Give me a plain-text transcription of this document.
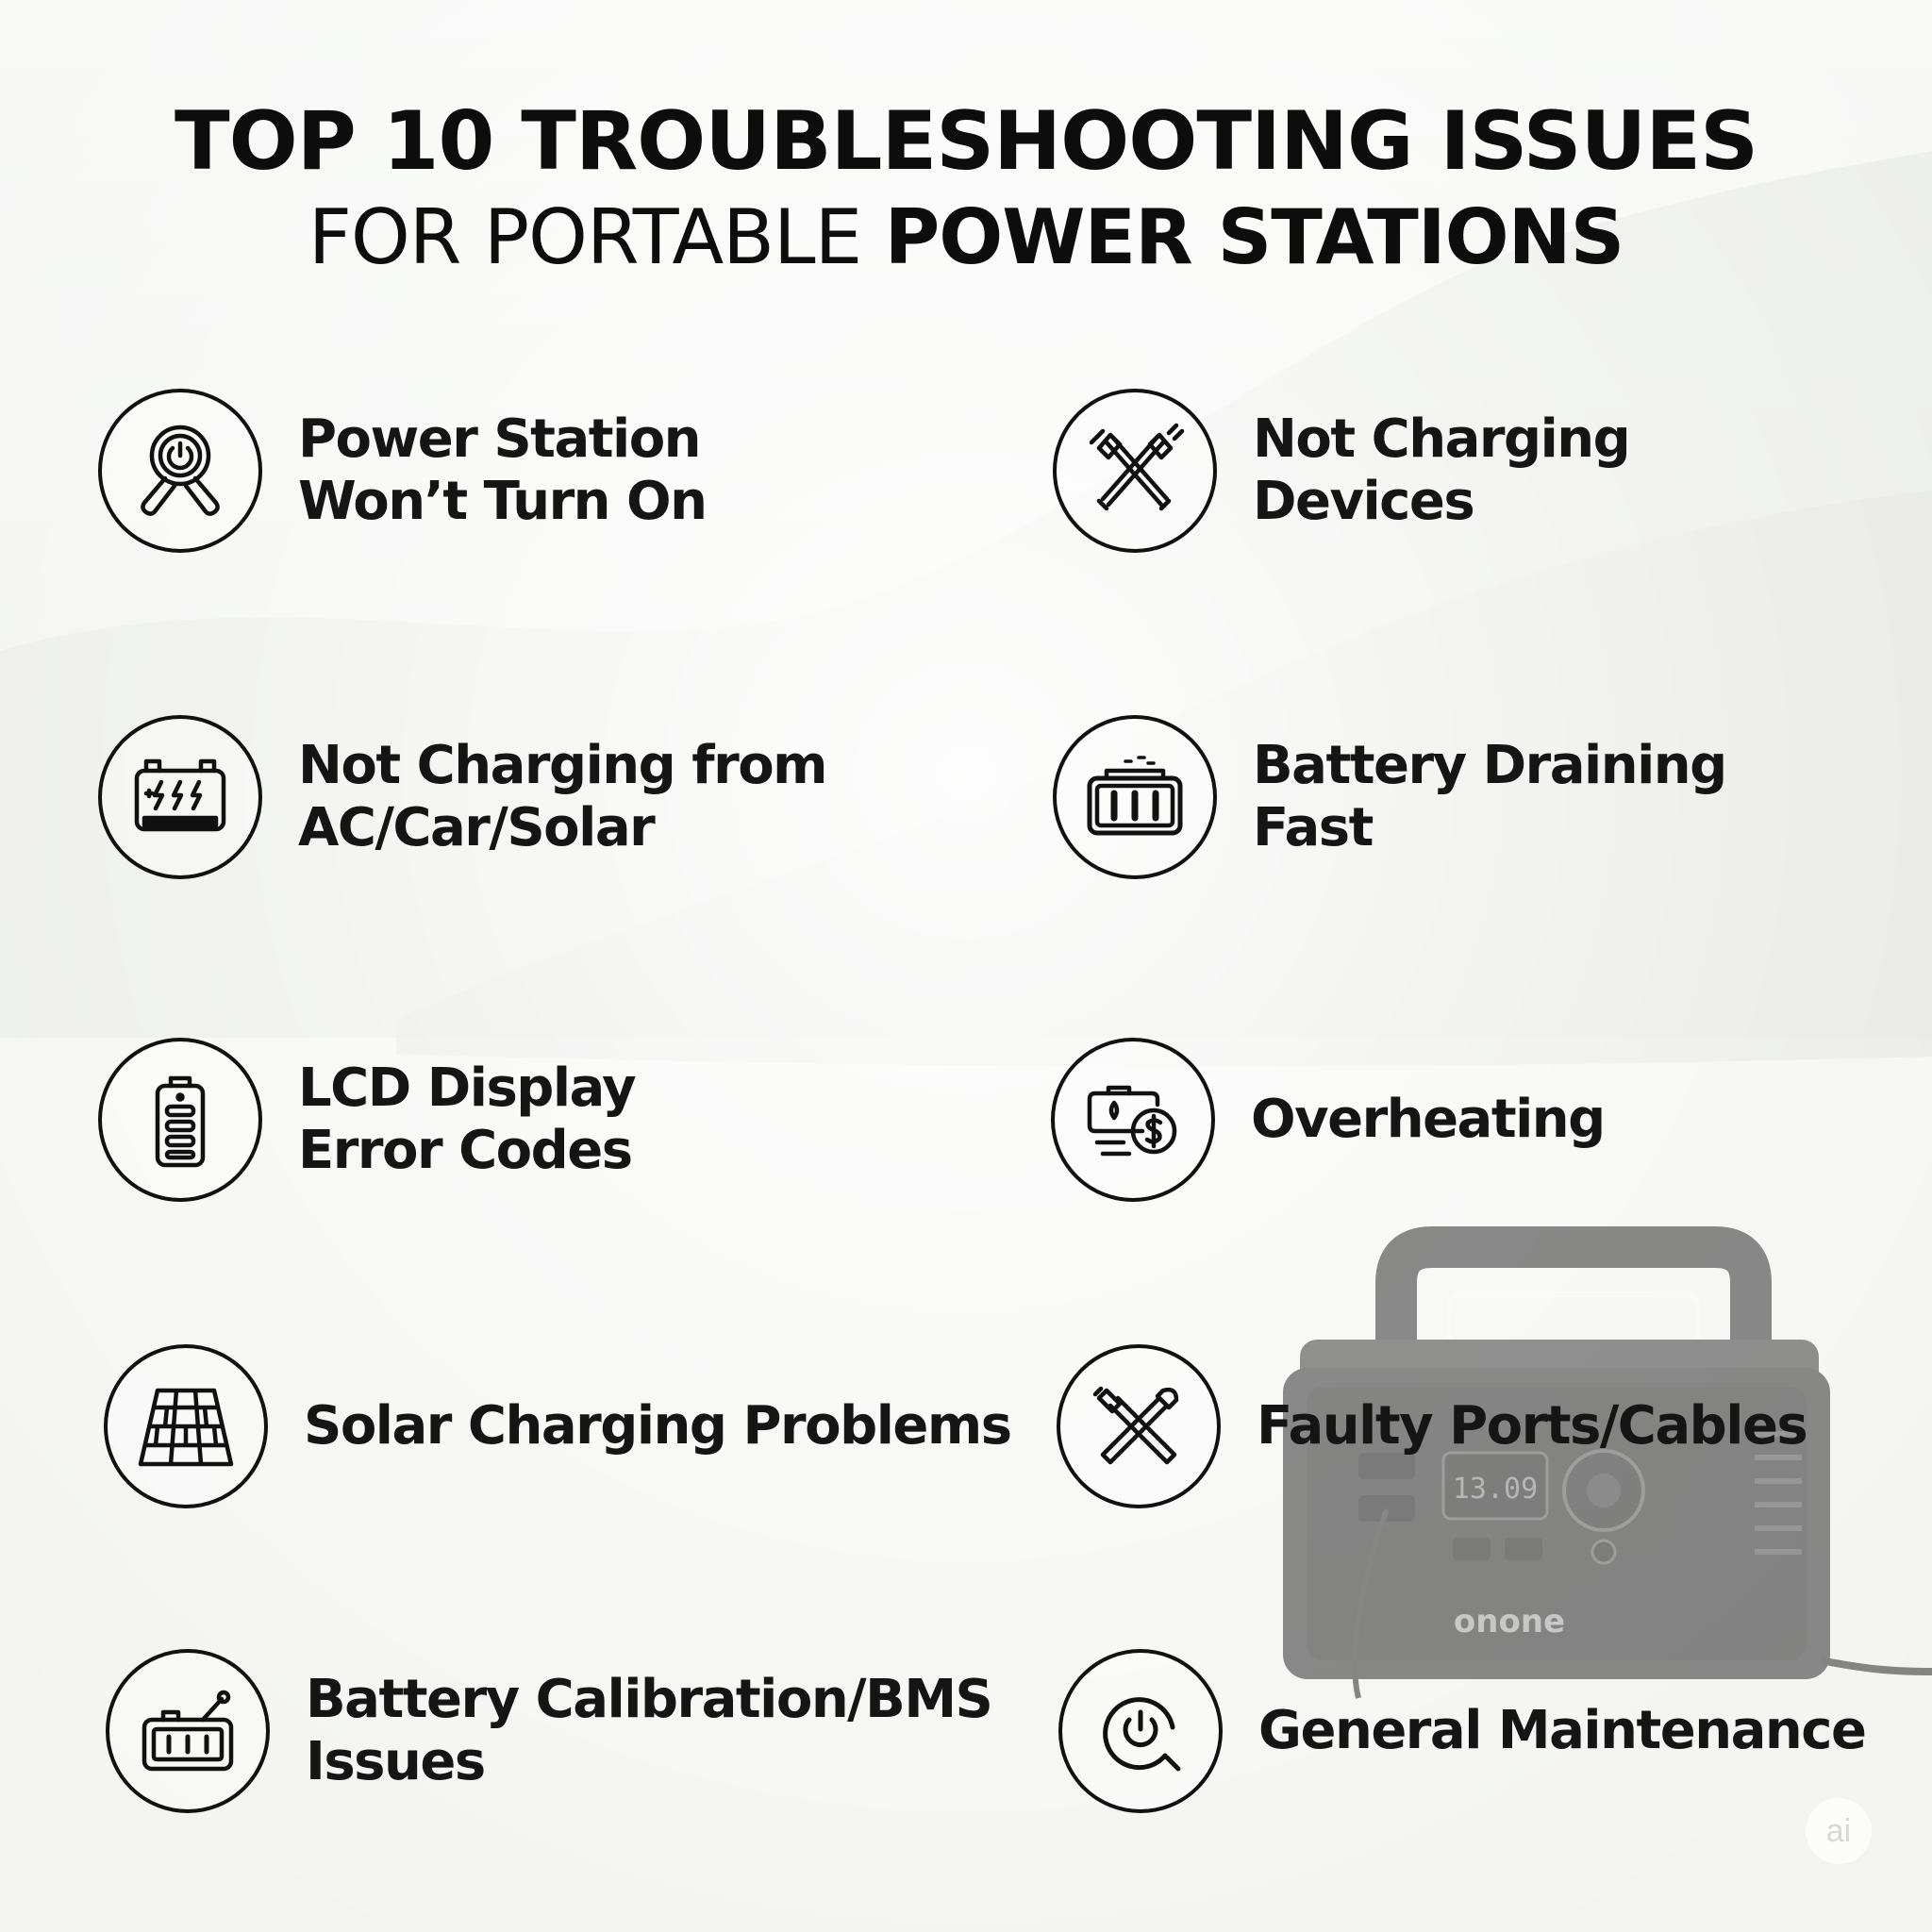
13.09
onone
TOP 10 TROUBLESHOOTING ISSUES
FOR PORTABLE POWER STATIONS
Power Station
Won’t Turn On
Not Charging
Devices
Not Charging from
AC/Car/Solar
Battery Draining
Fast
LCD Display
Error Codes
Overheating
Solar Charging Problems	Faulty Ports/Cables
Battery Calibration/BMS
Issues
General Maintenance
ai
